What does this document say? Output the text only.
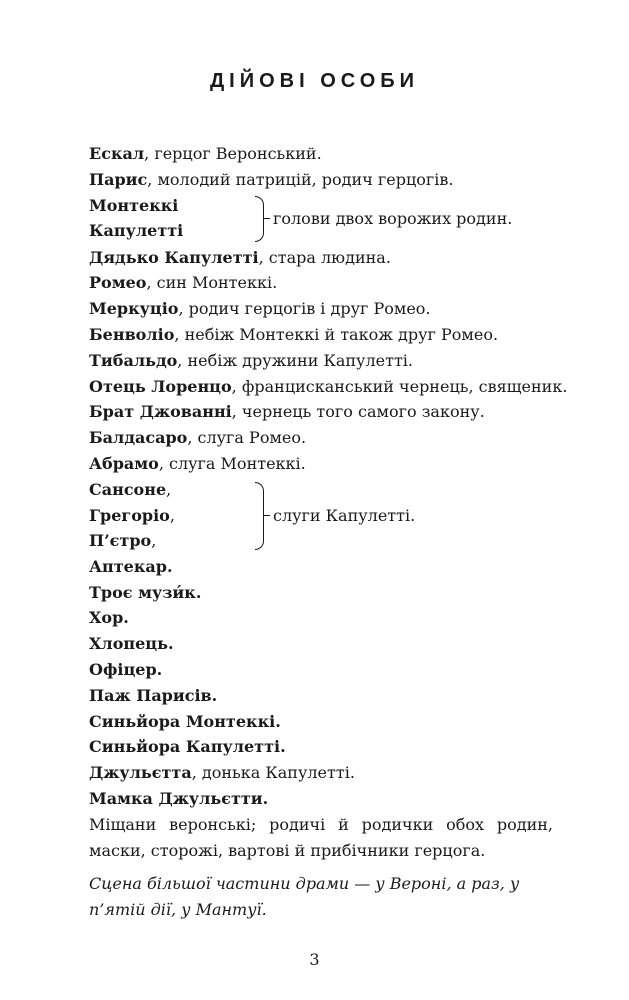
ДІЙОВІ ОСОБИ
Ескал, герцог Веронський.
Парис, молодий патрицій, родич герцогів.
Монтеккі
Капулетті
голови двох ворожих родин.
Дядько Капулетті, стара людина.
Ромео, син Монтеккі.
Меркуціо, родич герцогів і друг Ромео.
Бенволіо, небіж Монтеккі й також друг Ромео.
Тибальдо, небіж дружини Капулетті.
Отець Лоренцо, францисканський чернець, священик.
Брат Джованні, чернець того самого закону.
Балдасаро, слуга Ромео.
Абрамо, слуга Монтеккі.
Сансоне,
Грегоріо,
П’єтро,
слуги Капулетті.
Аптекар.
Троє музи́к.
Хор.
Хлопець.
Офіцер.
Паж Парисів.
Синьйора Монтеккі.
Синьйора Капулетті.
Джульєтта, донька Капулетті.
Мамка Джульєтти.
Міщани веронські; родичі й родички обох родин, маски, сторожі, вартові й прибічники герцога.
Сцена більшої частини драми — у Вероні, а раз, у п’ятій дії, у Мантуї.
3
